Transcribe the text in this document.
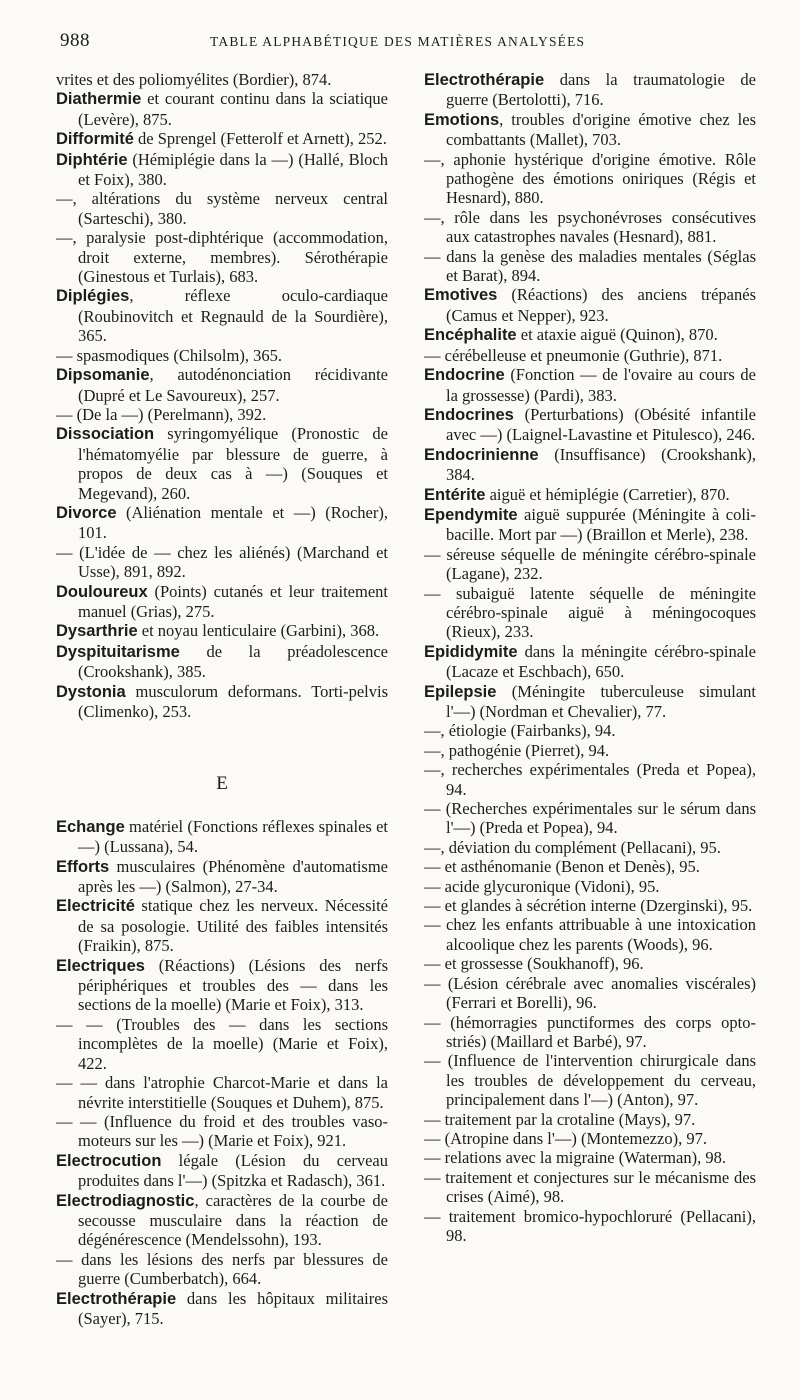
988	TABLE ALPHABÉTIQUE DES MATIÈRES ANALYSÉES

vrites et des poliomyélites (Bordier), 874.

Diathermie et courant continu dans la sciatique (Levère), 875.

Difformité de Sprengel (Fetterolf et Arnett), 252.

Diphtérie (Hémiplégie dans la —) (Hallé, Bloch et Foix), 380.

—, altérations du système nerveux central (Sarteschi), 380.

—, paralysie post-diphtérique (accommodation, droit externe, membres). Sérothérapie (Ginestous et Turlais), 683.

Diplégies, réflexe oculo-cardiaque (Roubinovitch et Regnauld de la Sourdière), 365.

— spasmodiques (Chilsolm), 365.

Dipsomanie, autodénonciation récidivante (Dupré et Le Savoureux), 257.

— (De la —) (Perelmann), 392.

Dissociation syringomyélique (Pronostic de l'hématomyélie par blessure de guerre, à propos de deux cas à —) (Souques et Megevand), 260.

Divorce (Aliénation mentale et —) (Rocher), 101.

— (L'idée de — chez les aliénés) (Marchand et Usse), 891, 892.

Douloureux (Points) cutanés et leur traitement manuel (Grias), 275.

Dysarthrie et noyau lenticulaire (Garbini), 368.

Dyspituitarisme de la préadolescence (Crookshank), 385.

Dystonia musculorum deformans. Torti-pelvis (Climenko), 253.

E

Echange matériel (Fonctions réflexes spinales et —) (Lussana), 54.

Efforts musculaires (Phénomène d'automatisme après les —) (Salmon), 27-34.

Electricité statique chez les nerveux. Nécessité de sa posologie. Utilité des faibles intensités (Fraikin), 875.

Electriques (Réactions) (Lésions des nerfs périphériques et troubles des — dans les sections de la moelle) (Marie et Foix), 313.

— — (Troubles des — dans les sections incomplètes de la moelle) (Marie et Foix), 422.

— — dans l'atrophie Charcot-Marie et dans la névrite interstitielle (Souques et Duhem), 875.

— — (Influence du froid et des troubles vaso-moteurs sur les —) (Marie et Foix), 921.

Electrocution légale (Lésion du cerveau produites dans l'—) (Spitzka et Radasch), 361.

Electrodiagnostic, caractères de la courbe de secousse musculaire dans la réaction de dégénérescence (Mendelssohn), 193.

— dans les lésions des nerfs par blessures de guerre (Cumberbatch), 664.

Electrothérapie dans les hôpitaux militaires (Sayer), 715.

Electrothérapie dans la traumatologie de guerre (Bertolotti), 716.

Emotions, troubles d'origine émotive chez les combattants (Mallet), 703.

—, aphonie hystérique d'origine émotive. Rôle pathogène des émotions oniriques (Régis et Hesnard), 880.

—, rôle dans les psychonévroses consécutives aux catastrophes navales (Hesnard), 881.

— dans la genèse des maladies mentales (Séglas et Barat), 894.

Emotives (Réactions) des anciens trépanés (Camus et Nepper), 923.

Encéphalite et ataxie aiguë (Quinon), 870.

— cérébelleuse et pneumonie (Guthrie), 871.

Endocrine (Fonction — de l'ovaire au cours de la grossesse) (Pardi), 383.

Endocrines (Perturbations) (Obésité infantile avec —) (Laignel-Lavastine et Pitulesco), 246.

Endocrinienne (Insuffisance) (Crookshank), 384.

Entérite aiguë et hémiplégie (Carretier), 870.

Ependymite aiguë suppurée (Méningite à coli-bacille. Mort par —) (Braillon et Merle), 238.

— séreuse séquelle de méningite cérébro-spinale (Lagane), 232.

— subaiguë latente séquelle de méningite cérébro-spinale aiguë à méningocoques (Rieux), 233.

Epididymite dans la méningite cérébro-spinale (Lacaze et Eschbach), 650.

Epilepsie (Méningite tuberculeuse simulant l'—) (Nordman et Chevalier), 77.

—, étiologie (Fairbanks), 94.

—, pathogénie (Pierret), 94.

—, recherches expérimentales (Preda et Popea), 94.

— (Recherches expérimentales sur le sérum dans l'—) (Preda et Popea), 94.

—, déviation du complément (Pellacani), 95.

— et asthénomanie (Benon et Denès), 95.

— acide glycuronique (Vidoni), 95.

— et glandes à sécrétion interne (Dzerginski), 95.

— chez les enfants attribuable à une intoxication alcoolique chez les parents (Woods), 96.

— et grossesse (Soukhanoff), 96.

— (Lésion cérébrale avec anomalies viscérales) (Ferrari et Borelli), 96.

— (hémorragies punctiformes des corps opto-striés) (Maillard et Barbé), 97.

— (Influence de l'intervention chirurgicale dans les troubles de développement du cerveau, principalement dans l'—) (Anton), 97.

— traitement par la crotaline (Mays), 97.

— (Atropine dans l'—) (Montemezzo), 97.

— relations avec la migraine (Waterman), 98.

— traitement et conjectures sur le mécanisme des crises (Aimé), 98.

— traitement bromico-hypochloruré (Pellacani), 98.
